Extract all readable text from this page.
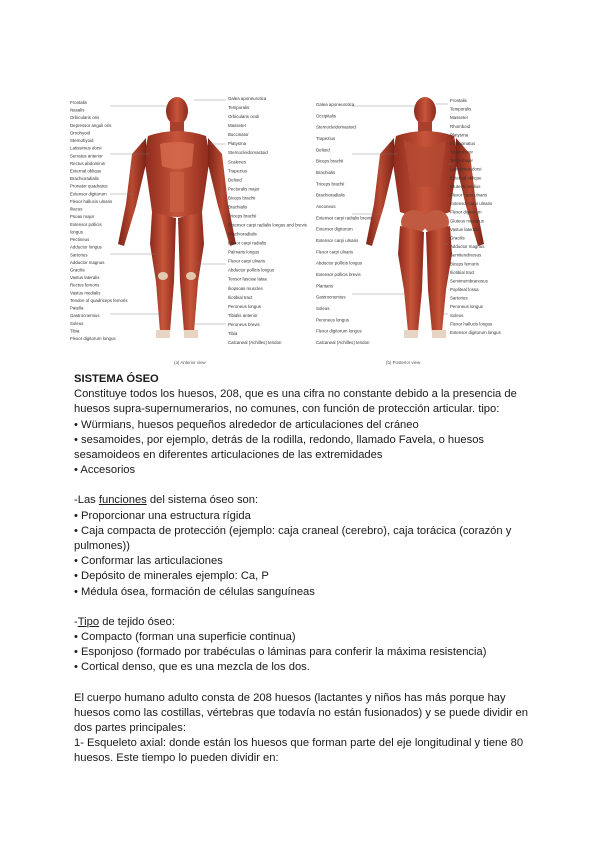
Frontalis
Nasalis
Orbicularis oris
Depressor anguli oris
Omohyoid
Sternohyoid
Latissimus dorsi
Serratus anterior
Rectus abdominis
External oblique
Brachioradialis
Pronator quadratus
Extensor digitorum
Flexor hallucis ulnaris
Iliacus
Psoas major
Extensor pollicis
longus
Pectineus
Adductor longus
Sartorius
Adductor magnus
Gracilis
Vastus lateralis
Rectus femoris
Vastus medialis
Tendon of quadriceps femoris
Patella
Gastrocnemius
Soleus
Tibia
Flexor digitorum longus
Galea aponeurotica
Temporalis
Orbicularis oculi
Masseter
Buccinator
Platysma
Sternocleidomastoid
Scalenes
Trapezius
Deltoid
Pectoralis major
Biceps brachii
Brachialis
Triceps brachii
Extensor carpi radialis longus and brevis
Brachioradialis
Flexor carpi radialis
Palmaris longus
Flexor carpi ulnaris
Abductor pollicis longus
Tensor fasciae latae
Iliopsoas muscles
Iliotibial tract
Peroneus longus
Tibialis anterior
Peroneus brevis
Tibia
Calcaneal (Achilles) tendon
Galea aponeurotica
Occipitalis
Sternocleidomastoid
Trapezius
Deltoid
Biceps brachii
Brachialis
Triceps brachii
Brachioradialis
Anconeus
Extensor carpi radialis brevis
Extensor digitorum
Extensor carpi ulnaris
Flexor carpi ulnaris
Abductor pollicis longus
Extensor pollicis brevis
Plantaris
Gastrocnemius
Soleus
Peroneus longus
Flexor digitorum longus
Calcaneal (Achilles) tendon
Frontalis
Temporalis
Masseter
Rhomboid
Platysma
Infraspinatus
Teres minor
Teres major
Latissimus dorsi
External oblique
Gluteus medius
Flexor carpi ulnaris
Extensor carpi ulnaris
Flexor digitorum
Gluteus maximus
Vastus lateralis
Gracilis
Adductor magnus
Semitendinosus
Biceps femoris
Iliotibial tract
Semimembranosus
Popliteal fossa
Sartorius
Peroneus longus
Soleus
Flexor hallucis longus
Extensor digitorum longus
(a) Anterior view	(b) Posterior view

SISTEMA ÓSEO

Constituye todos los huesos, 208, que es una cifra no constante debido a la presencia de

huesos supra-supernumerarios, no comunes, con función de protección articular. tipo:

• Würmians, huesos pequeños alrededor de articulaciones del cráneo

• sesamoides, por ejemplo, detrás de la rodilla, redondo, llamado Favela, o huesos

sesamoideos en diferentes articulaciones de las extremidades

• Accesorios

-Las funciones del sistema óseo son:

• Proporcionar una estructura rígida

• Caja compacta de protección (ejemplo: caja craneal (cerebro), caja torácica (corazón y

pulmones))

• Conformar las articulaciones

• Depósito de minerales ejemplo: Ca, P

• Médula ósea, formación de células sanguíneas

-Tipo de tejido óseo:

• Compacto (forman una superficie continua)

• Esponjoso (formado por trabéculas o láminas para conferir la máxima resistencia)

• Cortical denso, que es una mezcla de los dos.

El cuerpo humano adulto consta de 208 huesos (lactantes y niños has más porque hay

huesos como las costillas, vértebras que todavía no están fusionados) y se puede dividir en

dos partes principales:

1- Esqueleto axial: donde están los huesos que forman parte del eje longitudinal y tiene 80

huesos. Este tiempo lo pueden dividir en:
